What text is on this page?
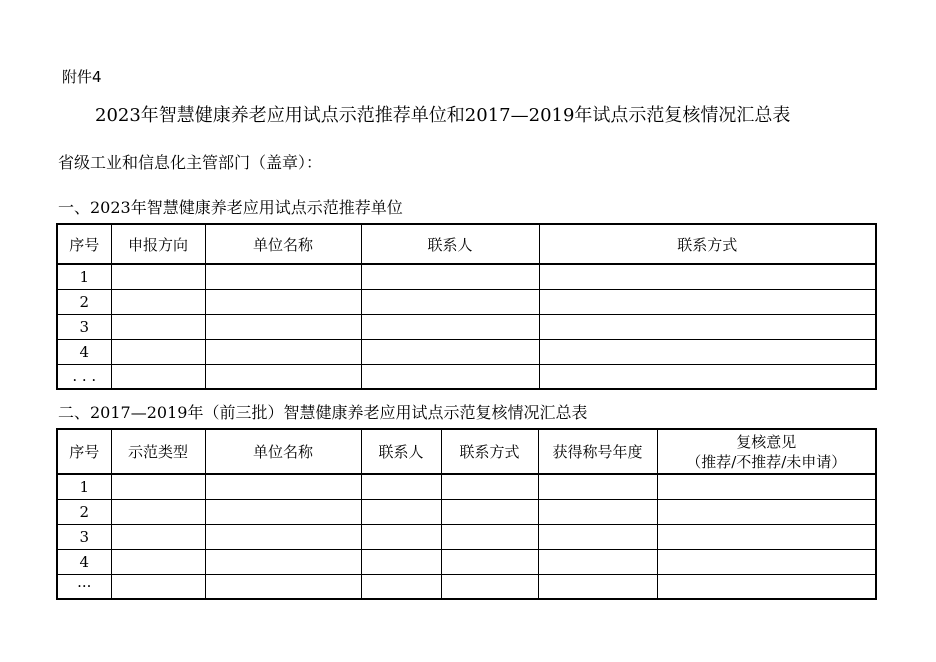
附件4
2023年智慧健康养老应用试点示范推荐单位和2017—2019年试点示范复核情况汇总表
省级工业和信息化主管部门（盖章）：
一、2023年智慧健康养老应用试点示范推荐单位
序号	申报方向	单位名称	联系人	联系方式
1				
2				
3				
4				
. . .				
二、2017—2019年（前三批）智慧健康养老应用试点示范复核情况汇总表
序号	示范类型	单位名称	联系人	联系方式	获得称号年度	复核意见
（推荐/不推荐/未申请）

1						
2						
3						
4						
···						
